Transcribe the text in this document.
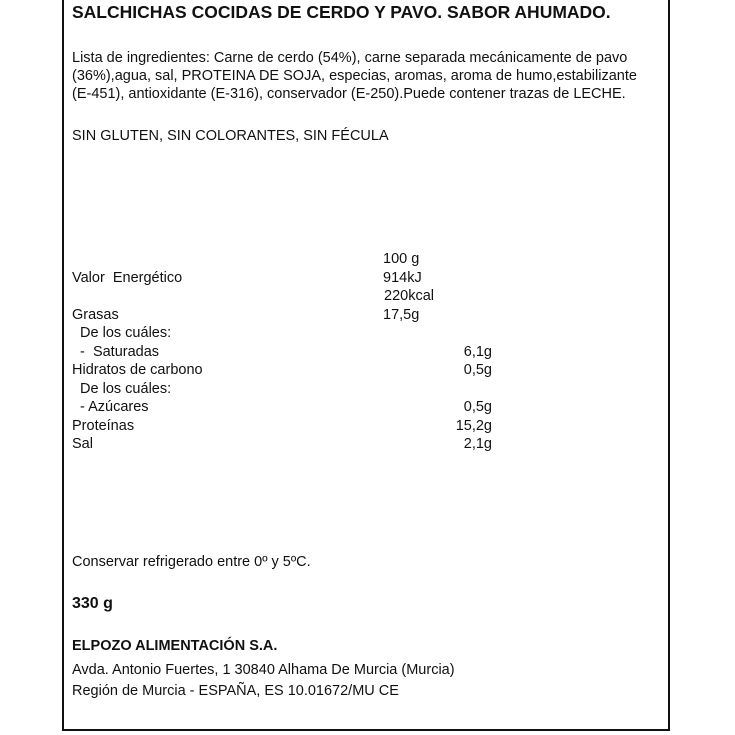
SALCHICHAS COCIDAS DE CERDO Y PAVO. SABOR AHUMADO.
Lista de ingredientes: Carne de cerdo (54%), carne separada mecánicamente de pavo (36%),agua, sal, PROTEINA DE SOJA, especias, aromas, aroma de humo,estabilizante (E-451), antioxidante (E-316), conservador (E-250).Puede contener trazas de LECHE.
SIN GLUTEN, SIN COLORANTES, SIN FÉCULA
100 g
Valor  Energético	914kJ
220kcal
Grasas	17,5g
De los cuáles:
-  Saturadas	6,1g
Hidratos de carbono	0,5g
De los cuáles:
- Azúcares	0,5g
Proteínas	15,2g
Sal	2,1g
Conservar refrigerado entre 0º y 5ºC.
330 g
ELPOZO ALIMENTACIÓN S.A.
Avda. Antonio Fuertes, 1 30840 Alhama De Murcia (Murcia)
Región de Murcia - ESPAÑA, ES 10.01672/MU CE
